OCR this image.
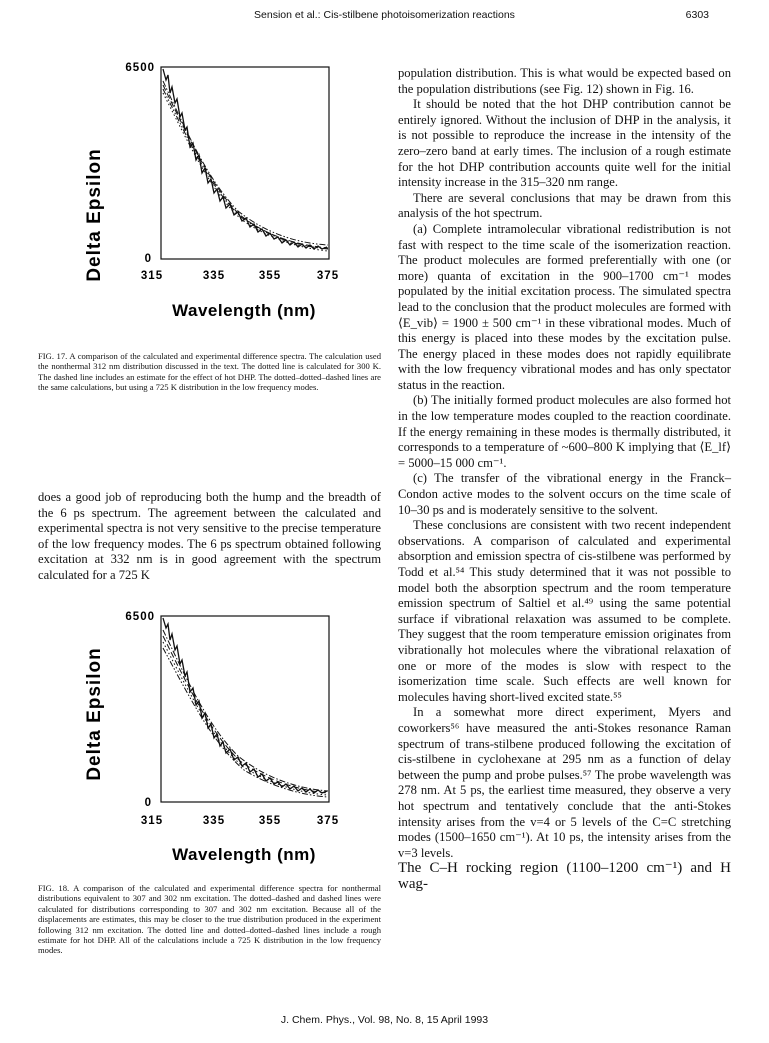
Sension et al.: Cis-stilbene photoisomerization reactions	6303
Delta Epsilon
6500
0
315	335	355	375
Wavelength (nm)
FIG. 17. A comparison of the calculated and experimental difference spectra. The calculation used the nonthermal 312 nm distribution discussed in the text. The dotted line is calculated for 300 K. The dashed line includes an estimate for the effect of hot DHP. The dotted–dotted–dashed lines are the same calculations, but using a 725 K distribution in the low frequency modes.

does a good job of reproducing both the hump and the breadth of the 6 ps spectrum. The agreement between the calculated and experimental spectra is not very sensitive to the precise temperature of the low frequency modes. The 6 ps spectrum obtained following excitation at 332 nm is in good agreement with the spectrum calculated for a 725 K

Delta Epsilon
6500
0
315	335	355	375
Wavelength (nm)
FIG. 18. A comparison of the calculated and experimental difference spectra for nonthermal distributions equivalent to 307 and 302 nm excitation. The dotted–dashed and dashed lines were calculated for distributions corresponding to 307 and 302 nm excitation. Because all of the displacements are estimates, this may be closer to the true distribution produced in the experiment following 312 nm excitation. The dotted line and dotted–dotted–dashed lines include a rough estimate for hot DHP. All of the calculations include a 725 K distribution in the low frequency modes.

population distribution. This is what would be expected based on the population distributions (see Fig. 12) shown in Fig. 16.

It should be noted that the hot DHP contribution cannot be entirely ignored. Without the inclusion of DHP in the analysis, it is not possible to reproduce the increase in the intensity of the zero–zero band at early times. The inclusion of a rough estimate for the hot DHP contribution accounts quite well for the initial intensity increase in the 315–320 nm range.

There are several conclusions that may be drawn from this analysis of the hot spectrum.

(a) Complete intramolecular vibrational redistribution is not fast with respect to the time scale of the isomerization reaction. The product molecules are formed preferentially with one (or more) quanta of excitation in the 900–1700 cm⁻¹ modes populated by the initial excitation process. The simulated spectra lead to the conclusion that the product molecules are formed with ⟨E_vib⟩ = 1900 ± 500 cm⁻¹ in these vibrational modes. Much of this energy is placed into these modes by the excitation pulse. The energy placed in these modes does not rapidly equilibrate with the low frequency vibrational modes and has only spectator status in the reaction.

(b) The initially formed product molecules are also formed hot in the low temperature modes coupled to the reaction coordinate. If the energy remaining in these modes is thermally distributed, it corresponds to a temperature of ~600–800 K implying that ⟨E_lf⟩ = 5000–15 000 cm⁻¹.

(c) The transfer of the vibrational energy in the Franck–Condon active modes to the solvent occurs on the time scale of 10–30 ps and is moderately sensitive to the solvent.

These conclusions are consistent with two recent independent observations. A comparison of calculated and experimental absorption and emission spectra of cis-stilbene was performed by Todd et al.⁵⁴ This study determined that it was not possible to model both the absorption spectrum and the room temperature emission spectrum of Saltiel et al.⁴⁹ using the same potential surface if vibrational relaxation was assumed to be complete. They suggest that the room temperature emission originates from vibrationally hot molecules where the vibrational relaxation of one or more of the modes is slow with respect to the isomerization time scale. Such effects are well known for molecules having short-lived excited state.⁵⁵

In a somewhat more direct experiment, Myers and coworkers⁵⁶ have measured the anti-Stokes resonance Raman spectrum of trans-stilbene produced following the excitation of cis-stilbene in cyclohexane at 295 nm as a function of delay between the pump and probe pulses.⁵⁷ The probe wavelength was 278 nm. At 5 ps, the earliest time measured, they observe a very hot spectrum and tentatively conclude that the anti-Stokes intensity arises from the v=4 or 5 levels of the C=C stretching modes (1500–1650 cm⁻¹). At 10 ps, the intensity arises from the v=3 levels.

The C–H rocking region (1100–1200 cm⁻¹) and H wag-

J. Chem. Phys., Vol. 98, No. 8, 15 April 1993
